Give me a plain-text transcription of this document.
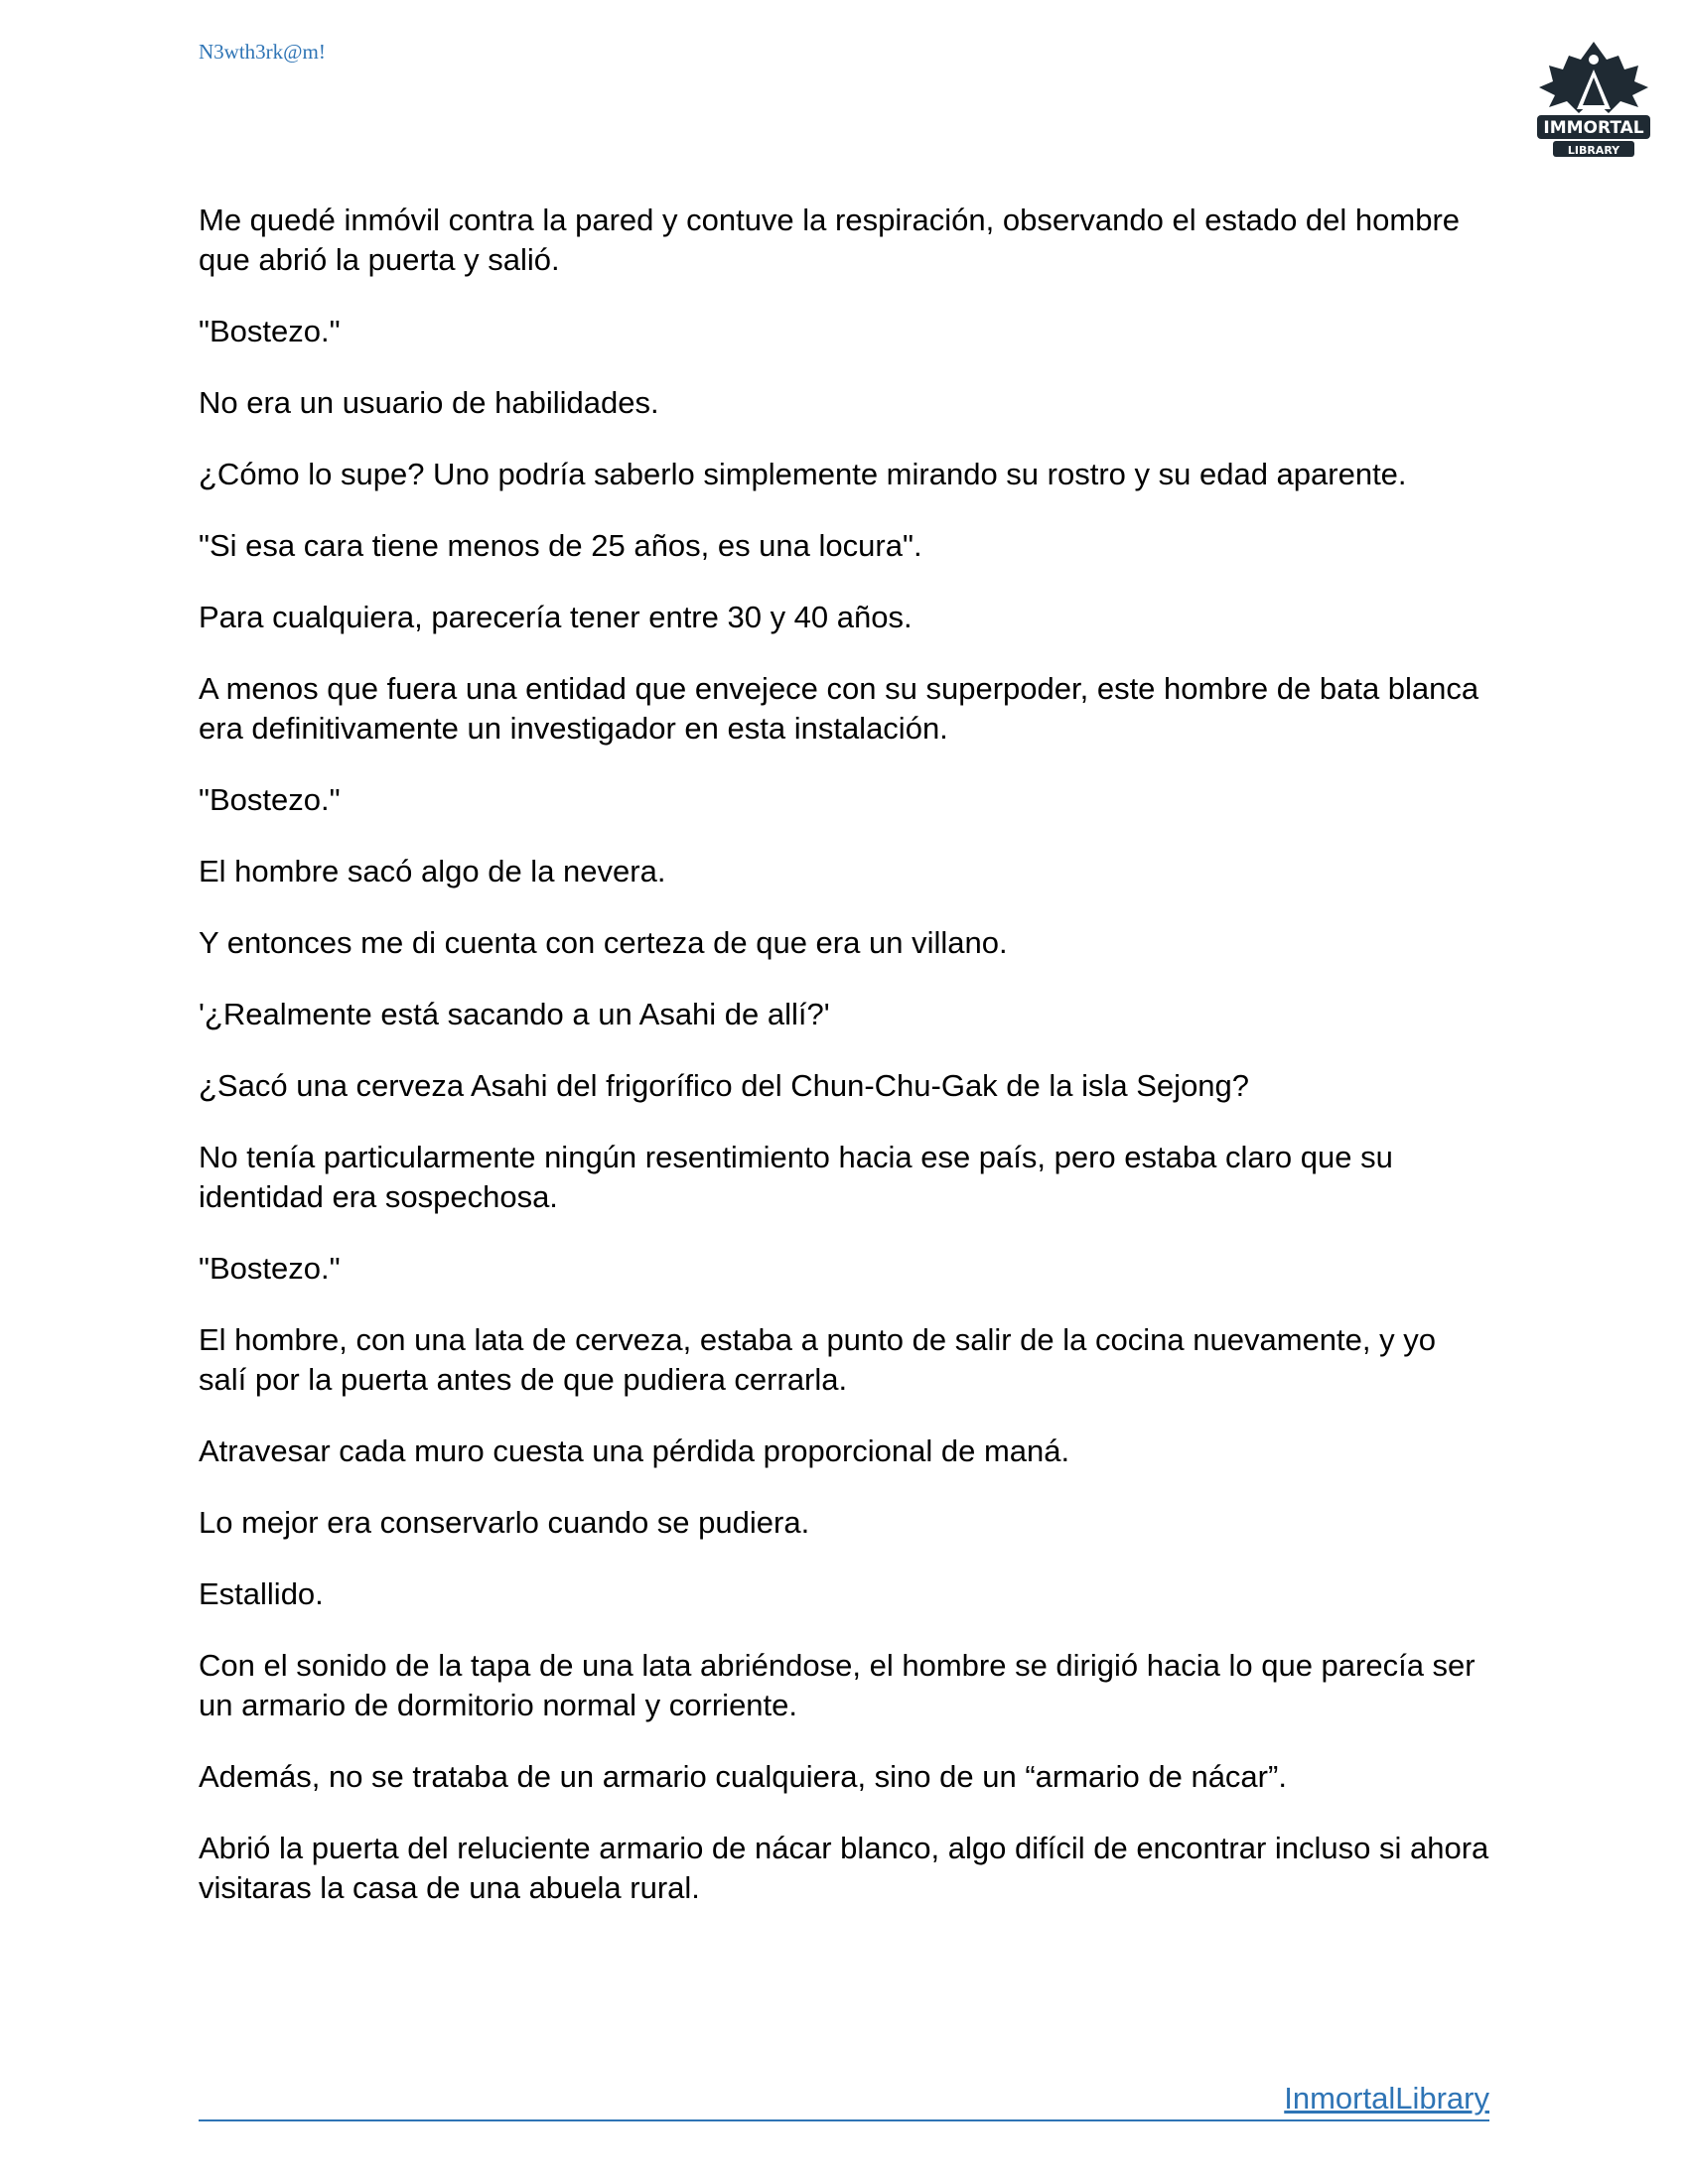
N3wth3rk@m!
IMMORTAL
LIBRARY

Me quedé inmóvil contra la pared y contuve la respiración, observando el estado del hombre que abrió la puerta y salió.

"Bostezo."

No era un usuario de habilidades.

¿Cómo lo supe? Uno podría saberlo simplemente mirando su rostro y su edad aparente.

"Si esa cara tiene menos de 25 años, es una locura".

Para cualquiera, parecería tener entre 30 y 40 años.

A menos que fuera una entidad que envejece con su superpoder, este hombre de bata blanca era definitivamente un investigador en esta instalación.

"Bostezo."

El hombre sacó algo de la nevera.

Y entonces me di cuenta con certeza de que era un villano.

'¿Realmente está sacando a un Asahi de allí?'

¿Sacó una cerveza Asahi del frigorífico del Chun-Chu-Gak de la isla Sejong?

No tenía particularmente ningún resentimiento hacia ese país, pero estaba claro que su identidad era sospechosa.

"Bostezo."

El hombre, con una lata de cerveza, estaba a punto de salir de la cocina nuevamente, y yo salí por la puerta antes de que pudiera cerrarla.

Atravesar cada muro cuesta una pérdida proporcional de maná.

Lo mejor era conservarlo cuando se pudiera.

Estallido.

Con el sonido de la tapa de una lata abriéndose, el hombre se dirigió hacia lo que parecía ser un armario de dormitorio normal y corriente.

Además, no se trataba de un armario cualquiera, sino de un “armario de nácar”.

Abrió la puerta del reluciente armario de nácar blanco, algo difícil de encontrar incluso si ahora visitaras la casa de una abuela rural.

InmortalLibrary
